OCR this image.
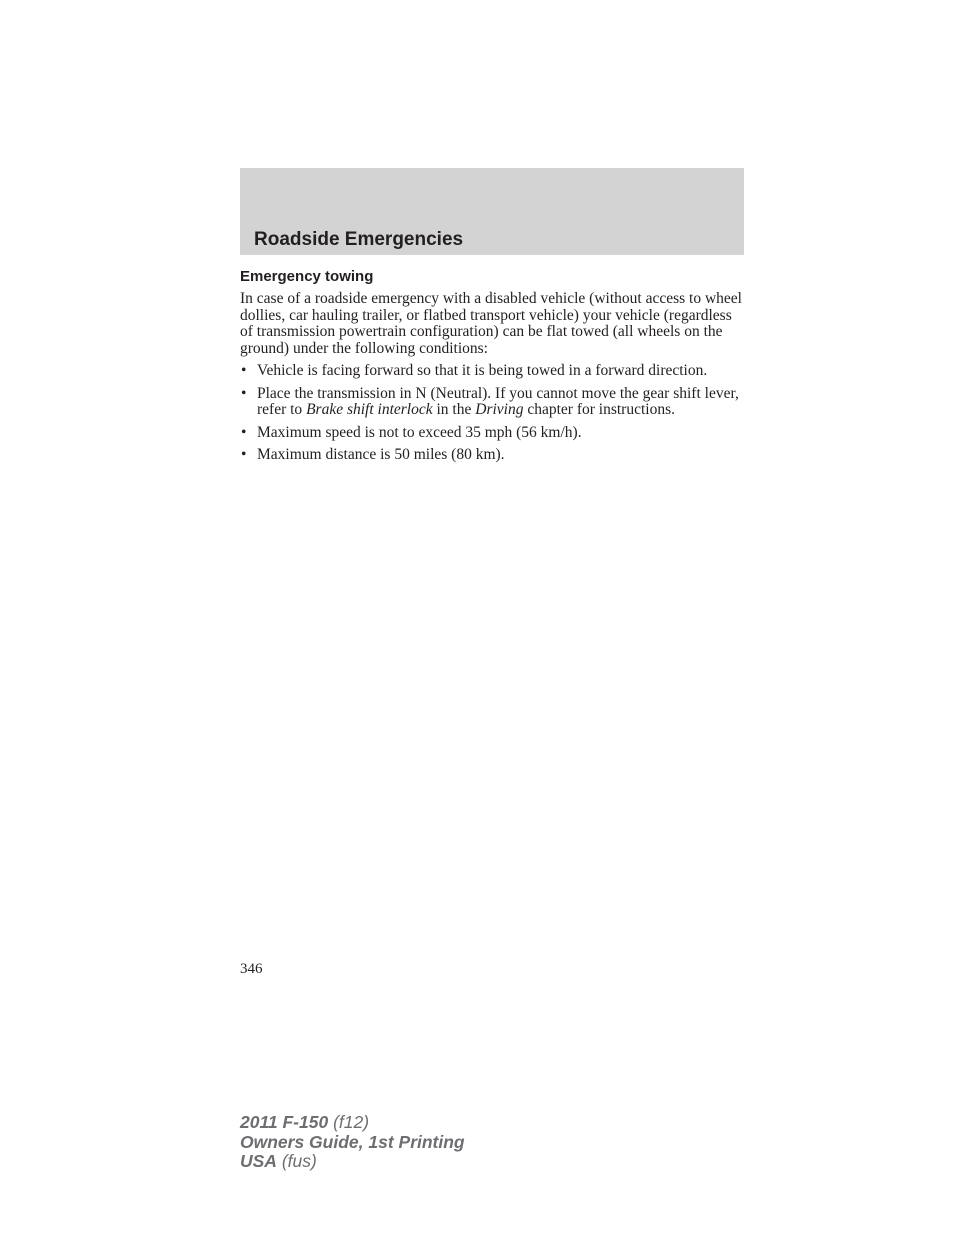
Roadside Emergencies
Emergency towing

In case of a roadside emergency with a disabled vehicle (without access to wheel dollies, car hauling trailer, or flatbed transport vehicle) your vehicle (regardless of transmission powertrain configuration) can be flat towed (all wheels on the ground) under the following conditions:

• Vehicle is facing forward so that it is being towed in a forward direction.
• Place the transmission in N (Neutral). If you cannot move the gear shift lever, refer to Brake shift interlock in the Driving chapter for instructions.
• Maximum speed is not to exceed 35 mph (56 km/h).
• Maximum distance is 50 miles (80 km).
346
2011 F-150 (f12)
Owners Guide, 1st Printing
USA (fus)
